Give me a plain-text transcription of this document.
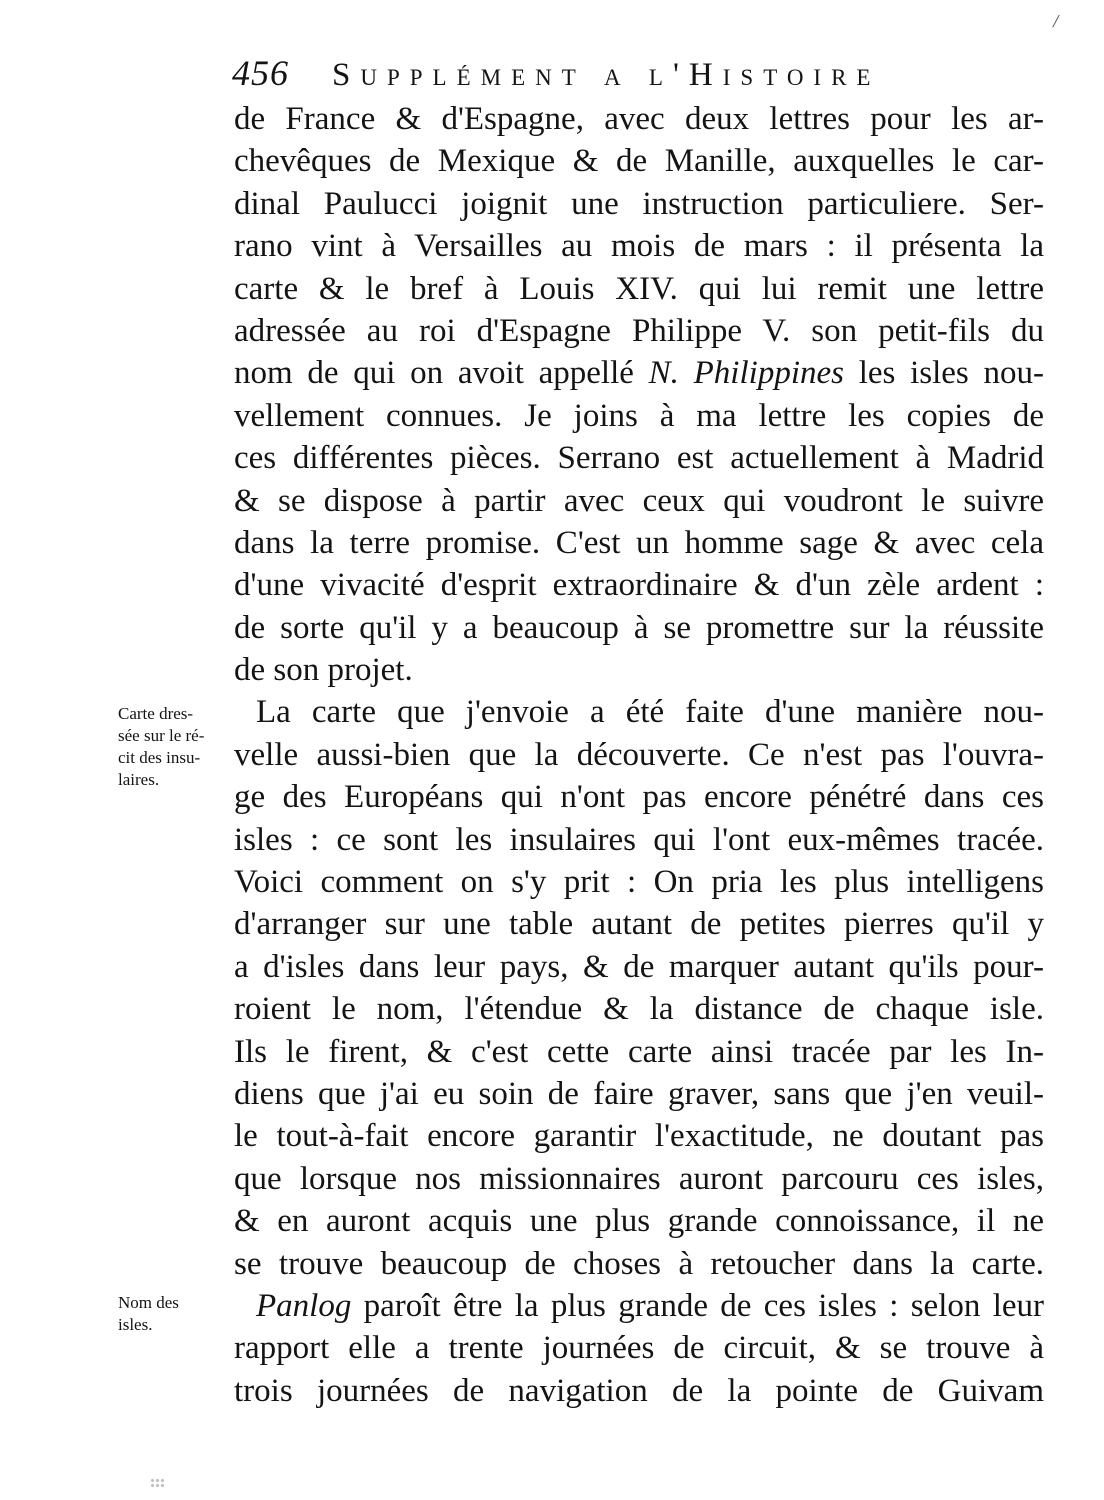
456	Supplément a l'Histoire
de France & d'Espagne, avec deux lettres pour les ar-
chevêques de Mexique & de Manille, auxquelles le car-
dinal Paulucci joignit une instruction particuliere. Ser-
rano vint à Versailles au mois de mars : il présenta la
carte & le bref à Louis XIV. qui lui remit une lettre
adressée au roi d'Espagne Philippe V. son petit-fils du
nom de qui on avoit appellé N. Philippines les isles nou-
vellement connues. Je joins à ma lettre les copies de
ces différentes pièces. Serrano est actuellement à Madrid
& se dispose à partir avec ceux qui voudront le suivre
dans la terre promise. C'est un homme sage & avec cela
d'une vivacité d'esprit extraordinaire & d'un zèle ardent :
de sorte qu'il y a beaucoup à se promettre sur la réussite
de son projet.
La carte que j'envoie a été faite d'une manière nou-
velle aussi-bien que la découverte. Ce n'est pas l'ouvra-
ge des Européans qui n'ont pas encore pénétré dans ces
isles : ce sont les insulaires qui l'ont eux-mêmes tracée.
Voici comment on s'y prit : On pria les plus intelligens
d'arranger sur une table autant de petites pierres qu'il y
a d'isles dans leur pays, & de marquer autant qu'ils pour-
roient le nom, l'étendue & la distance de chaque isle.
Ils le firent, & c'est cette carte ainsi tracée par les In-
diens que j'ai eu soin de faire graver, sans que j'en veuil-
le tout-à-fait encore garantir l'exactitude, ne doutant pas
que lorsque nos missionnaires auront parcouru ces isles,
& en auront acquis une plus grande connoissance, il ne
se trouve beaucoup de choses à retoucher dans la carte.
Panlog paroît être la plus grande de ces isles : selon leur
rapport elle a trente journées de circuit, & se trouve à
trois journées de navigation de la pointe de Guivam
Carte dres-
sée sur le ré-
cit des insu-
laires.
Nom des
isles.
